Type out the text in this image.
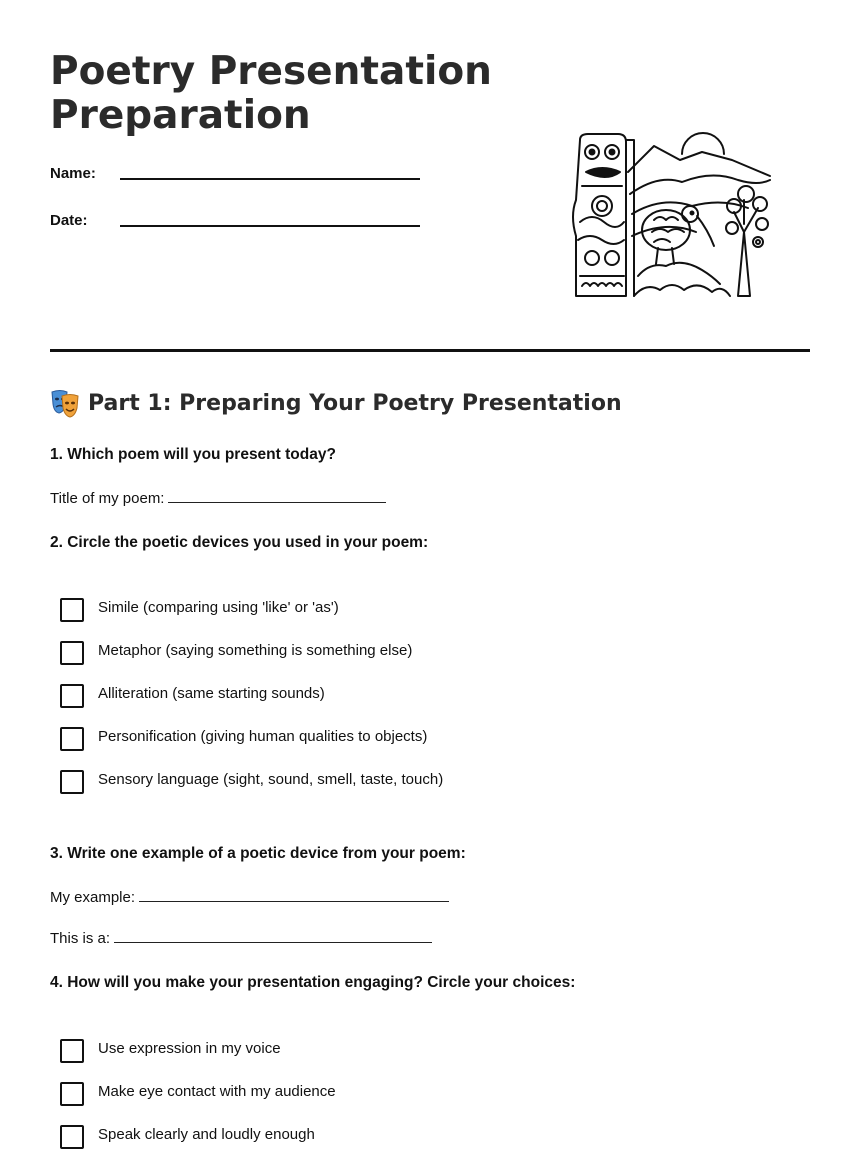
Poetry Presentation
Preparation
Name:
Date:
Part 1: Preparing Your Poetry Presentation

1. Which poem will you present today?

Title of my poem:

2. Circle the poetic devices you used in your poem:

Simile (comparing using 'like' or 'as')
Metaphor (saying something is something else)
Alliteration (same starting sounds)
Personification (giving human qualities to objects)
Sensory language (sight, sound, smell, taste, touch)

3. Write one example of a poetic device from your poem:

My example:
This is a:

4. How will you make your presentation engaging? Circle your choices:

Use expression in my voice
Make eye contact with my audience
Speak clearly and loudly enough
